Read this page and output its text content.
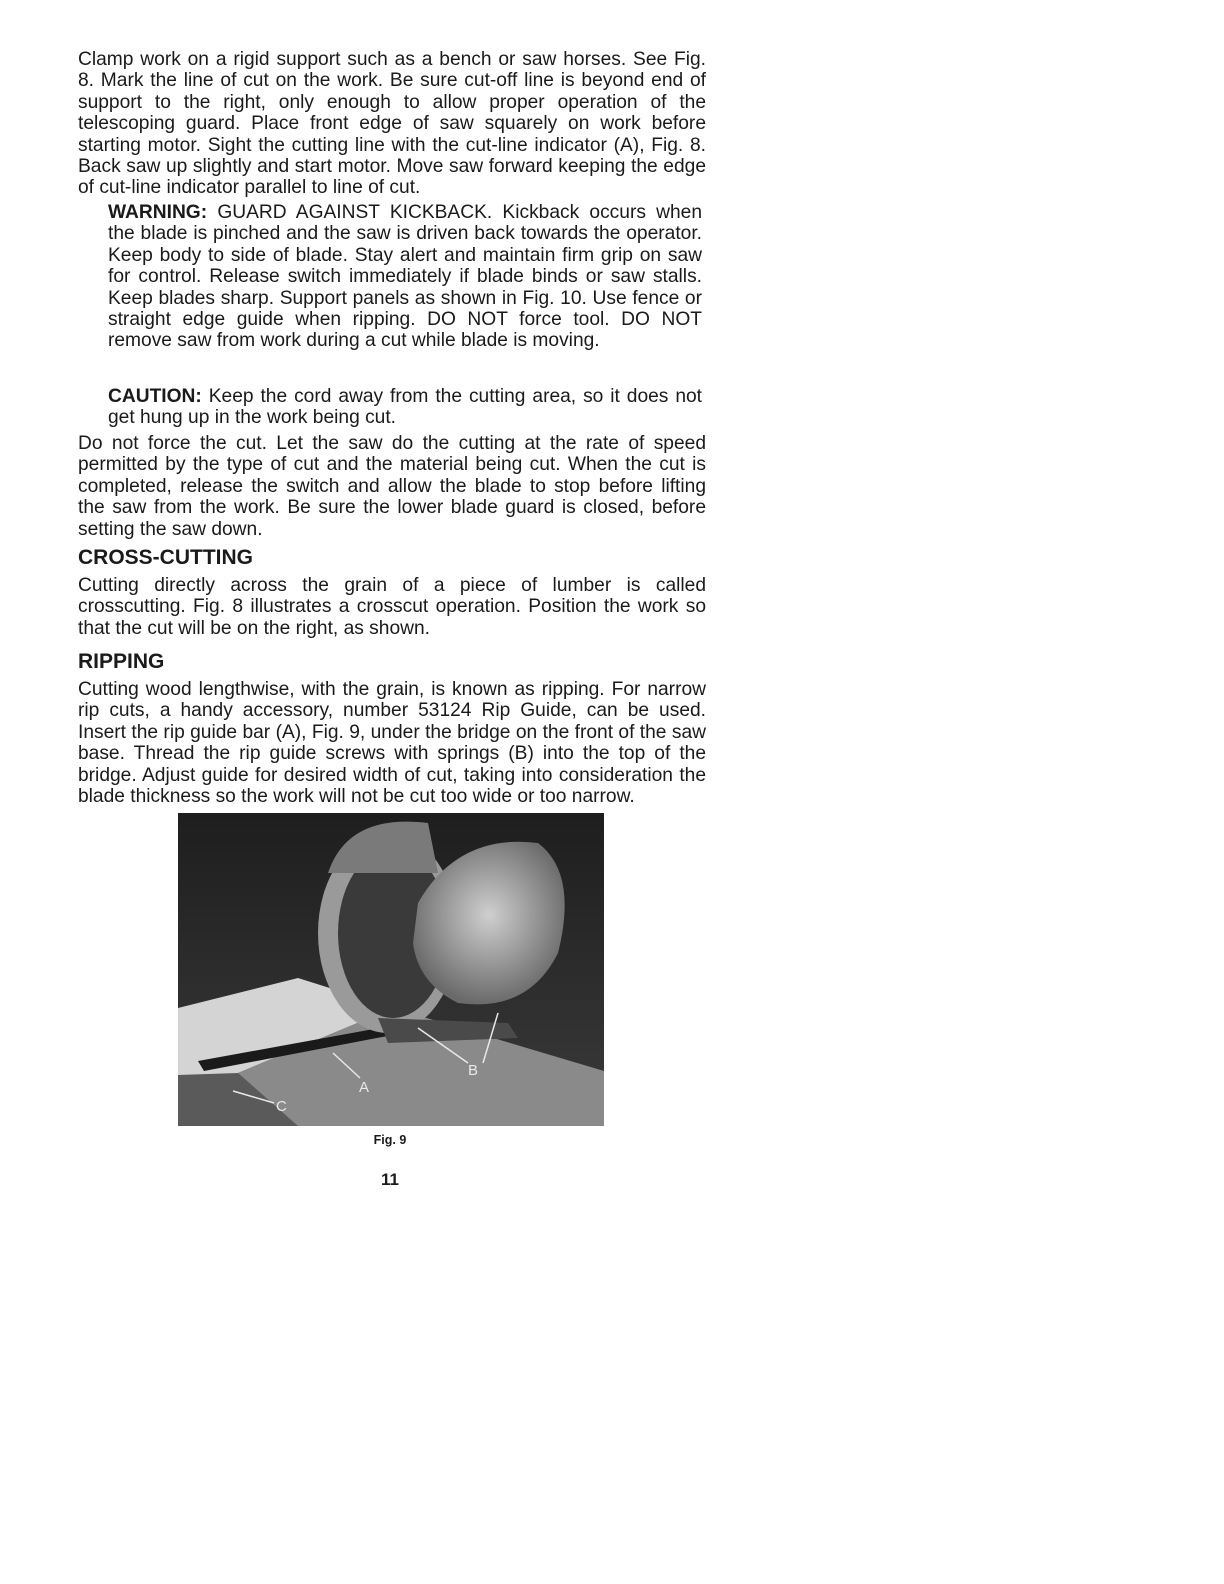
Clamp work on a rigid support such as a bench or saw horses. See Fig. 8. Mark the line of cut on the work. Be sure cut-off line is beyond end of support to the right, only enough to allow proper operation of the telescoping guard. Place front edge of saw squarely on work before starting motor. Sight the cutting line with the cut-line indicator (A), Fig. 8. Back saw up slightly and start motor. Move saw forward keeping the edge of cut-line indicator parallel to line of cut.

WARNING: GUARD AGAINST KICKBACK. Kickback occurs when the blade is pinched and the saw is driven back towards the operator. Keep body to side of blade. Stay alert and maintain firm grip on saw for control. Release switch immediately if blade binds or saw stalls. Keep blades sharp. Support panels as shown in Fig. 10. Use fence or straight edge guide when ripping. DO NOT force tool. DO NOT remove saw from work during a cut while blade is moving.

CAUTION: Keep the cord away from the cutting area, so it does not get hung up in the work being cut.

Do not force the cut. Let the saw do the cutting at the rate of speed permitted by the type of cut and the material being cut. When the cut is completed, release the switch and allow the blade to stop before lifting the saw from the work. Be sure the lower blade guard is closed, before setting the saw down.

CROSS-CUTTING

Cutting directly across the grain of a piece of lumber is called crosscutting. Fig. 8 illustrates a crosscut operation. Position the work so that the cut will be on the right, as shown.

RIPPING

Cutting wood lengthwise, with the grain, is known as ripping. For narrow rip cuts, a handy accessory, number 53124 Rip Guide, can be used. Insert the rip guide bar (A), Fig. 9, under the bridge on the front of the saw base. Thread the rip guide screws with springs (B) into the top of the bridge. Adjust guide for desired width of cut, taking into consideration the blade thickness so the work will not be cut too wide or too narrow.

A
B
C
Fig. 9
11
